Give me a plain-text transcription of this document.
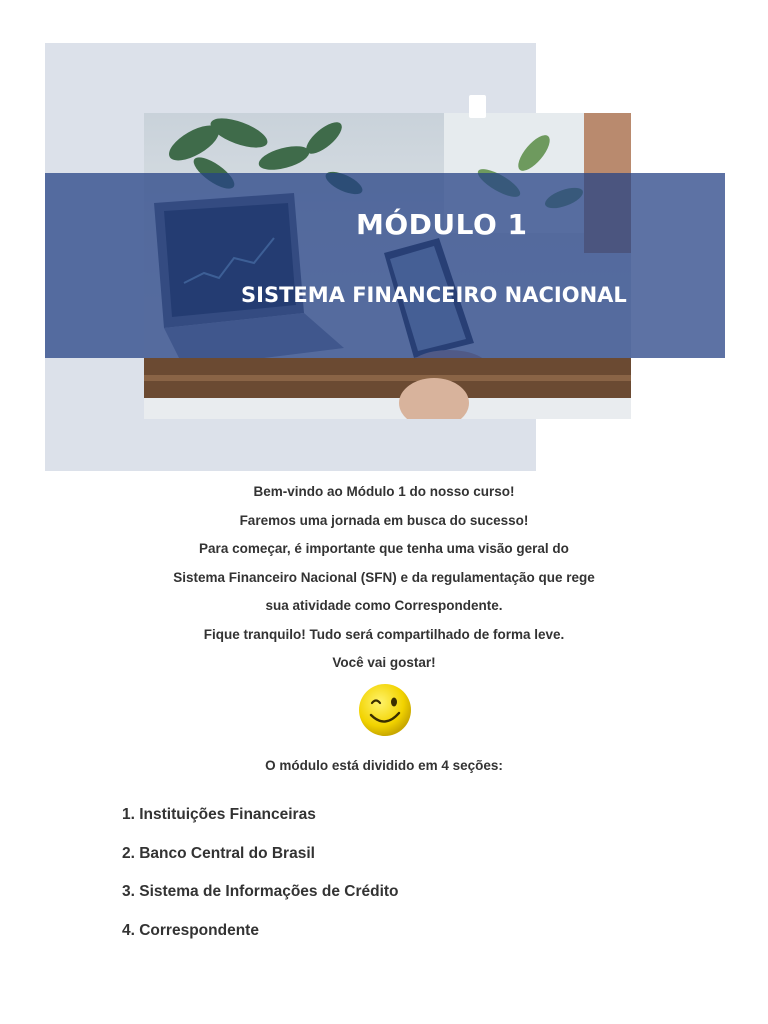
MÓDULO 1
SISTEMA FINANCEIRO NACIONAL

Bem-vindo ao Módulo 1 do nosso curso!

Faremos uma jornada em busca do sucesso!

Para começar, é importante que tenha uma visão geral do

Sistema Financeiro Nacional (SFN) e da regulamentação que rege

sua atividade como Correspondente.

Fique tranquilo! Tudo será compartilhado de forma leve.

Você vai gostar!

O módulo está dividido em 4 seções:
1. Instituições Financeiras
2. Banco Central do Brasil
3. Sistema de Informações de Crédito
4. Correspondente
